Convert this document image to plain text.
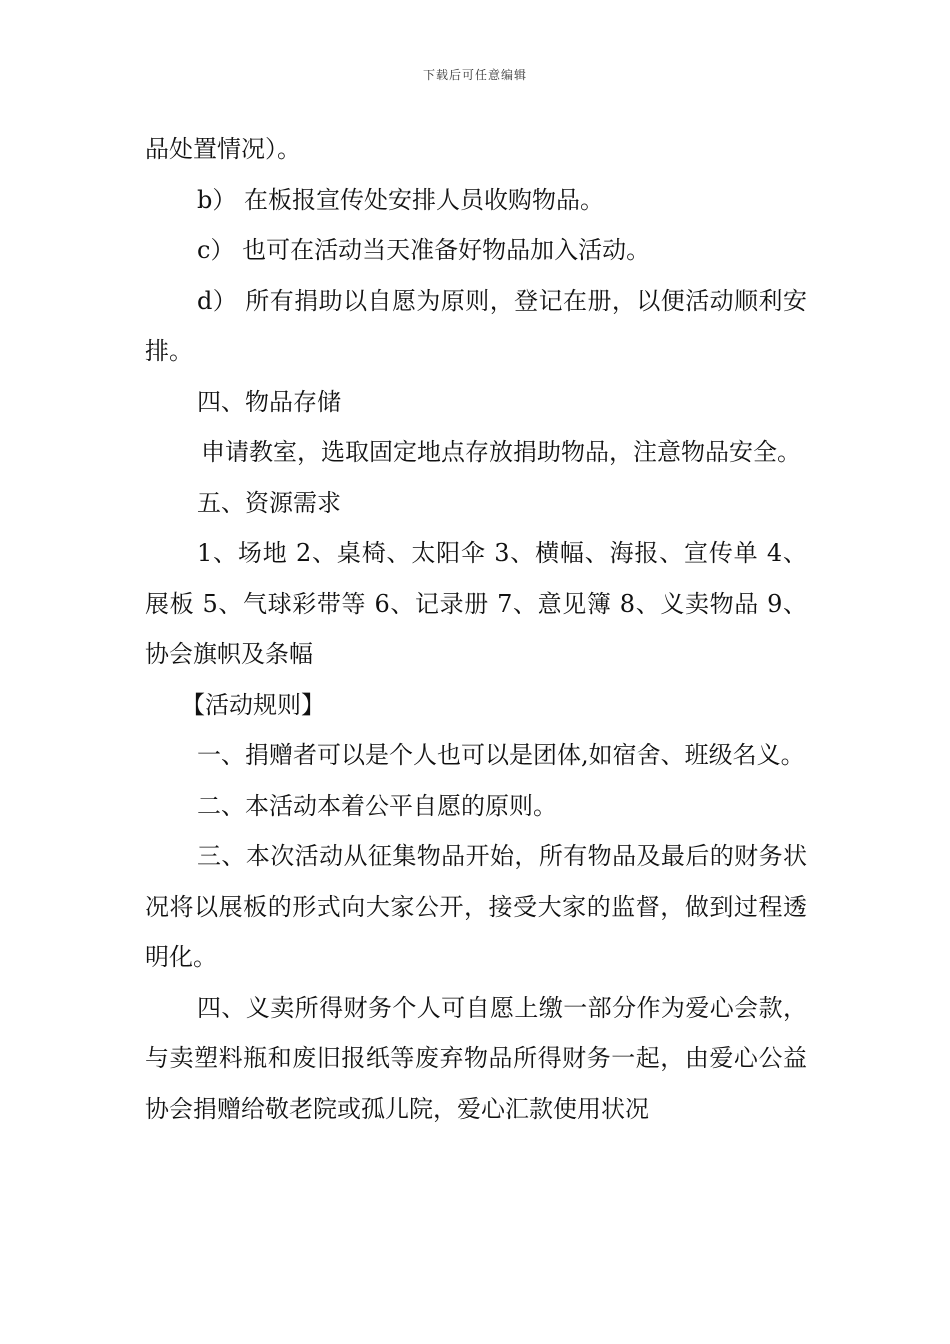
下载后可任意编辑

品处置情况）。

b） 在板报宣传处安排人员收购物品。

c） 也可在活动当天准备好物品加入活动。

d） 所有捐助以自愿为原则，登记在册，以便活动顺利安排。

四、物品存储

申请教室，选取固定地点存放捐助物品，注意物品安全。

五、资源需求

1、场地 2、桌椅、太阳伞 3、横幅、海报、宣传单 4、展板 5、气球彩带等 6、记录册 7、意见簿 8、义卖物品 9、协会旗帜及条幅

【活动规则】

一、捐赠者可以是个人也可以是团体,如宿舍、班级名义。

二、本活动本着公平自愿的原则。

三、本次活动从征集物品开始，所有物品及最后的财务状况将以展板的形式向大家公开，接受大家的监督，做到过程透明化。

四、义卖所得财务个人可自愿上缴一部分作为爱心会款，与卖塑料瓶和废旧报纸等废弃物品所得财务一起，由爱心公益协会捐赠给敬老院或孤儿院，爱心汇款使用状况
